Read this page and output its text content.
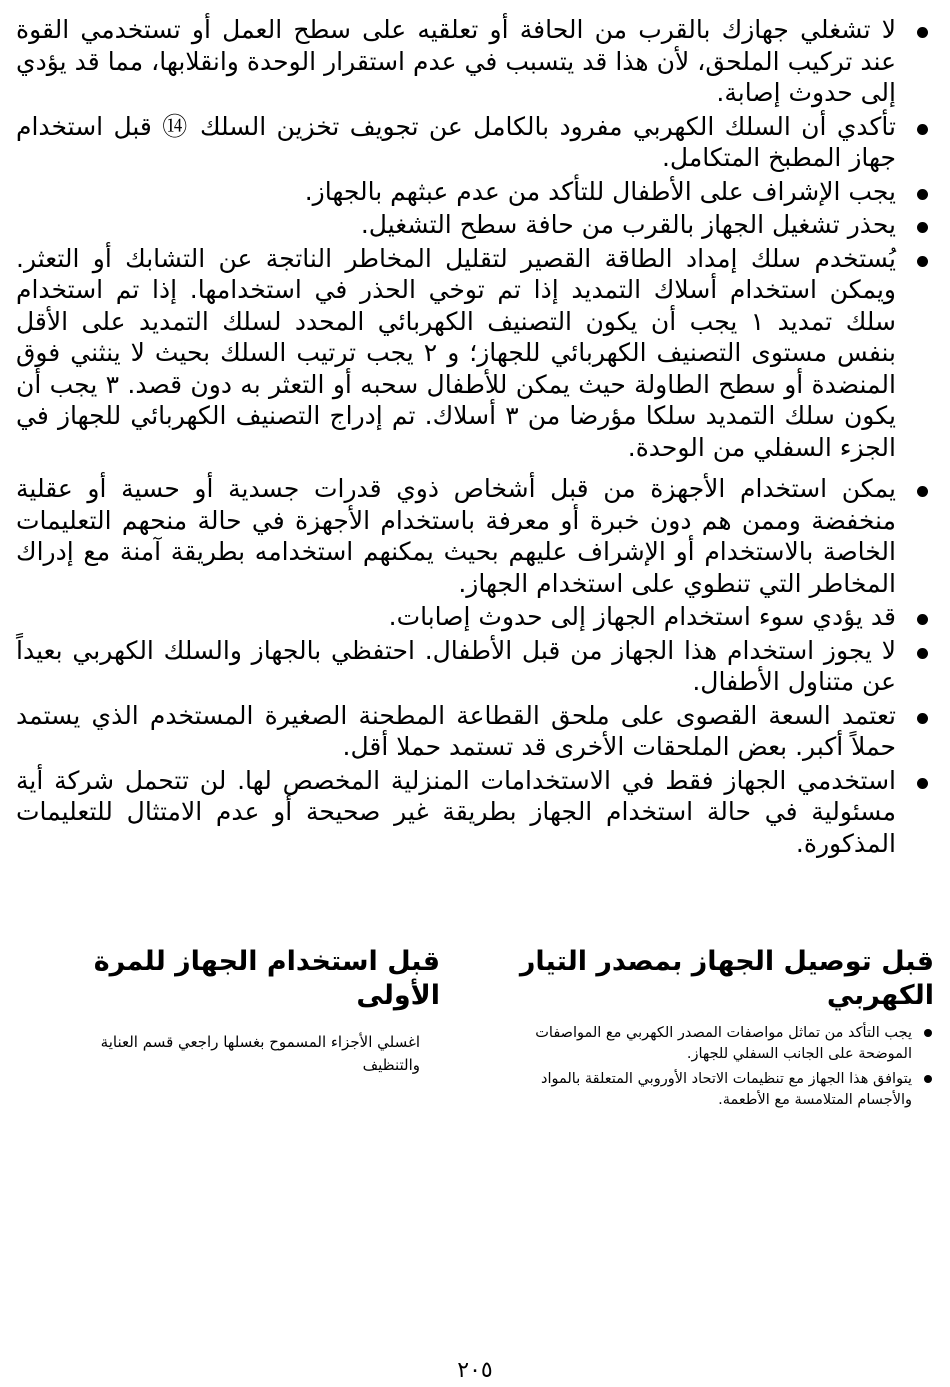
لا تشغلي جهازك بالقرب من الحافة أو تعلقيه على سطح العمل أو تستخدمي القوة عند تركيب الملحق، لأن هذا قد يتسبب في عدم استقرار الوحدة وانقلابها، مما قد يؤدي إلى حدوث إصابة.
تأكدي أن السلك الكهربي مفرود بالكامل عن تجويف تخزين السلك ⑭ قبل استخدام جهاز المطبخ المتكامل.
يجب الإشراف على الأطفال للتأكد من عدم عبثهم بالجهاز.
يحذر تشغيل الجهاز بالقرب من حافة سطح التشغيل.
يُستخدم سلك إمداد الطاقة القصير لتقليل المخاطر الناتجة عن التشابك أو التعثر. ويمكن استخدام أسلاك التمديد إذا تم توخي الحذر في استخدامها. إذا تم استخدام سلك تمديد ١ يجب أن يكون التصنيف الكهربائي المحدد لسلك التمديد على الأقل بنفس مستوى التصنيف الكهربائي للجهاز؛ و ٢ يجب ترتيب السلك بحيث لا ينثني فوق المنضدة أو سطح الطاولة حيث يمكن للأطفال سحبه أو التعثر به دون قصد. ٣ يجب أن يكون سلك التمديد سلكا مؤرضا من ٣ أسلاك. تم إدراج التصنيف الكهربائي للجهاز في الجزء السفلي من الوحدة.
يمكن استخدام الأجهزة من قبل أشخاص ذوي قدرات جسدية أو حسية أو عقلية منخفضة وممن هم دون خبرة أو معرفة باستخدام الأجهزة في حالة منحهم التعليمات الخاصة بالاستخدام أو الإشراف عليهم بحيث يمكنهم استخدامه بطريقة آمنة مع إدراك المخاطر التي تنطوي على استخدام الجهاز.
قد يؤدي سوء استخدام الجهاز إلى حدوث إصابات.
لا يجوز استخدام هذا الجهاز من قبل الأطفال. احتفظي بالجهاز والسلك الكهربي بعيداً عن متناول الأطفال.
تعتمد السعة القصوى على ملحق القطاعة المطحنة الصغيرة المستخدم الذي يستمد حملاً أكبر. بعض الملحقات الأخرى قد تستمد حملا أقل.
استخدمي الجهاز فقط في الاستخدامات المنزلية المخصص لها. لن تتحمل شركة أية مسئولية في حالة استخدام الجهاز بطريقة غير صحيحة أو عدم الامتثال للتعليمات المذكورة.
قبل توصيل الجهاز بمصدر التيار الكهربي
يجب التأكد من تماثل مواصفات المصدر الكهربي مع المواصفات الموضحة على الجانب السفلي للجهاز.
يتوافق هذا الجهاز مع تنظيمات الاتحاد الأوروبي المتعلقة بالمواد والأجسام المتلامسة مع الأطعمة.
قبل استخدام الجهاز للمرة الأولى

اغسلي الأجزاء المسموح بغسلها راجعي قسم العناية والتنظيف

٢٠٥
